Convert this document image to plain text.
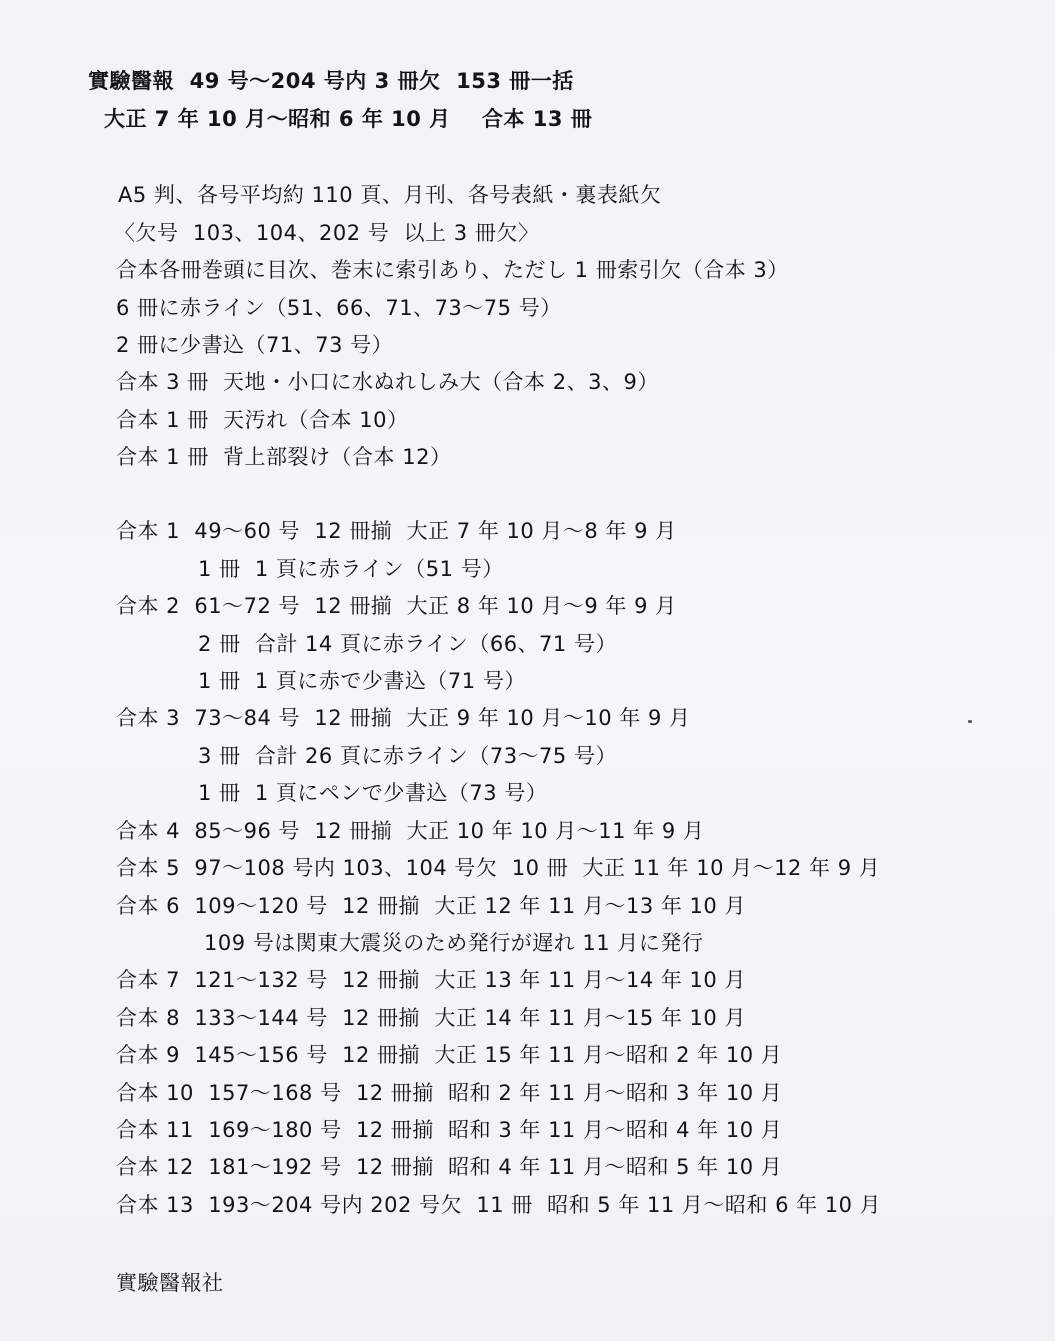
實驗醫報  49 号～204 号内 3 冊欠  153 冊一括
大正 7 年 10 月～昭和 6 年 10 月    合本 13 冊
A5 判、各号平均約 110 頁、月刊、各号表紙・裏表紙欠
〈欠号  103、104、202 号  以上 3 冊欠〉
合本各冊巻頭に目次、巻末に索引あり、ただし 1 冊索引欠（合本 3）
6 冊に赤ライン（51、66、71、73～75 号）
2 冊に少書込（71、73 号）
合本 3 冊  天地・小口に水ぬれしみ大（合本 2、3、9）
合本 1 冊  天汚れ（合本 10）
合本 1 冊  背上部裂け（合本 12）
合本 1  49～60 号  12 冊揃  大正 7 年 10 月～8 年 9 月
1 冊  1 頁に赤ライン（51 号）
合本 2  61～72 号  12 冊揃  大正 8 年 10 月～9 年 9 月
2 冊  合計 14 頁に赤ライン（66、71 号）
1 冊  1 頁に赤で少書込（71 号）
合本 3  73～84 号  12 冊揃  大正 9 年 10 月～10 年 9 月
3 冊  合計 26 頁に赤ライン（73～75 号）
1 冊  1 頁にペンで少書込（73 号）
合本 4  85～96 号  12 冊揃  大正 10 年 10 月～11 年 9 月
合本 5  97～108 号内 103、104 号欠  10 冊  大正 11 年 10 月～12 年 9 月
合本 6  109～120 号  12 冊揃  大正 12 年 11 月～13 年 10 月
109 号は関東大震災のため発行が遅れ 11 月に発行
合本 7  121～132 号  12 冊揃  大正 13 年 11 月～14 年 10 月
合本 8  133～144 号  12 冊揃  大正 14 年 11 月～15 年 10 月
合本 9  145～156 号  12 冊揃  大正 15 年 11 月～昭和 2 年 10 月
合本 10  157～168 号  12 冊揃  昭和 2 年 11 月～昭和 3 年 10 月
合本 11  169～180 号  12 冊揃  昭和 3 年 11 月～昭和 4 年 10 月
合本 12  181～192 号  12 冊揃  昭和 4 年 11 月～昭和 5 年 10 月
合本 13  193～204 号内 202 号欠  11 冊  昭和 5 年 11 月～昭和 6 年 10 月
實驗醫報社
